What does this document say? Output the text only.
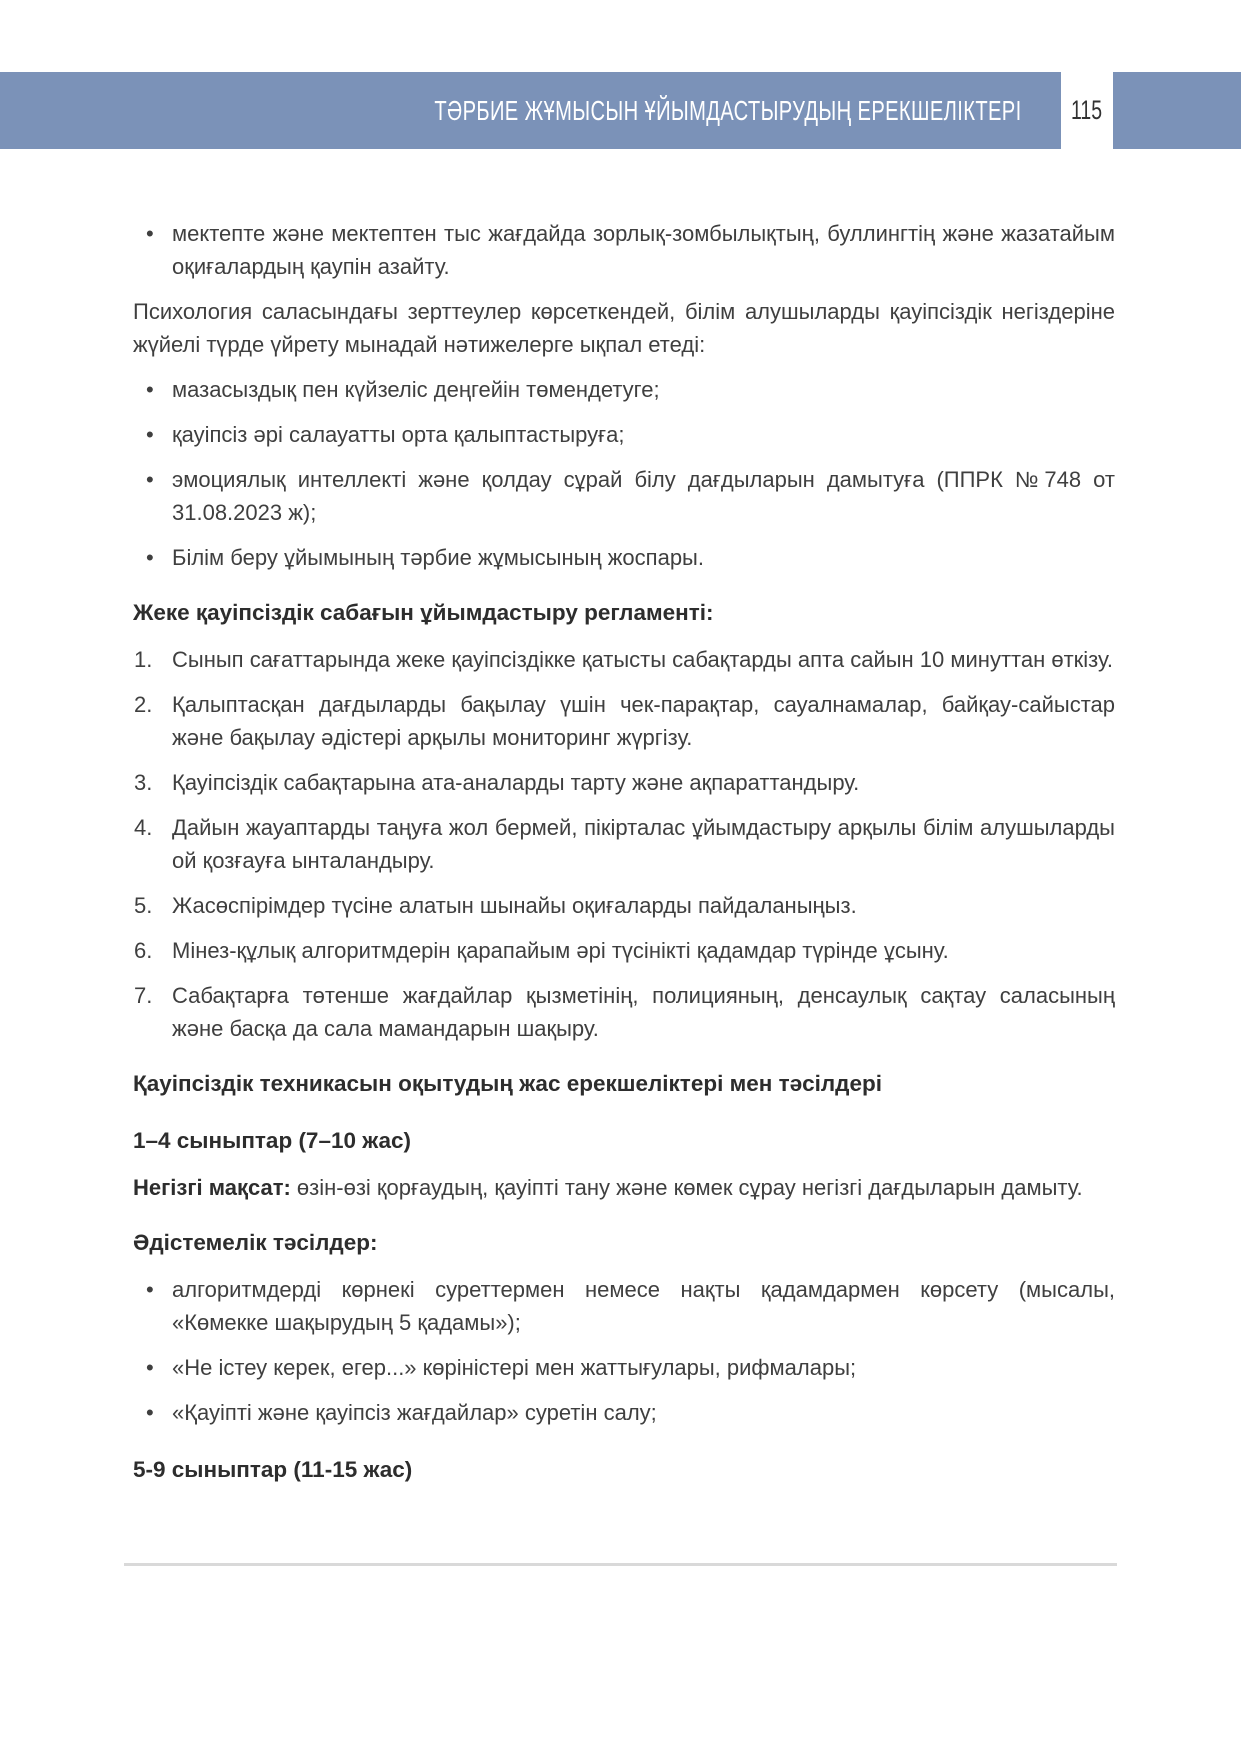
ТӘРБИЕ ЖҰМЫСЫН ҰЙЫМДАСТЫРУДЫҢ ЕРЕКШЕЛІКТЕРІ 115
• мектепте және мектептен тыс жағдайда зорлық-зомбылықтың, буллингтің және жазатайым оқиғалардың қаупін азайту.

Психология саласындағы зерттеулер көрсеткендей, білім алушыларды қауіпсіздік негіздеріне жүйелі түрде үйрету мынадай нәтижелерге ықпал етеді:

• мазасыздық пен күйзеліс деңгейін төмендетуге;
• қауіпсіз әрі салауатты орта қалыптастыруға;
• эмоциялық интеллекті және қолдау сұрай білу дағдыларын дамытуға (ППРК №748 от 31.08.2023 ж);
• Білім беру ұйымының тәрбие жұмысының жоспары.
Жеке қауіпсіздік сабағын ұйымдастыру регламенті:
1. Сынып сағаттарында жеке қауіпсіздікке қатысты сабақтарды апта сайын 10 минуттан өткізу.
2. Қалыптасқан дағдыларды бақылау үшін чек-парақтар, сауалнамалар, байқау-сайыстар және бақылау әдістері арқылы мониторинг жүргізу.
3. Қауіпсіздік сабақтарына ата-аналарды тарту және ақпараттандыру.
4. Дайын жауаптарды таңуға жол бермей, пікірталас ұйымдастыру арқылы білім алушыларды ой қозғауға ынталандыру.
5. Жасөспірімдер түсіне алатын шынайы оқиғаларды пайдаланыңыз.
6. Мінез-құлық алгоритмдерін қарапайым әрі түсінікті қадамдар түрінде ұсыну.
7. Сабақтарға төтенше жағдайлар қызметінің, полицияның, денсаулық сақтау саласының және басқа да сала мамандарын шақыру.
Қауіпсіздік техникасын оқытудың жас ерекшеліктері мен тәсілдері
1–4 сыныптар (7–10 жас)

Негізгі мақсат: өзін-өзі қорғаудың, қауіпті тану және көмек сұрау негізгі дағдыларын дамыту.

Әдістемелік тәсілдер:
• алгоритмдерді көрнекі суреттермен немесе нақты қадамдармен көрсету (мысалы, «Көмекке шақырудың 5 қадамы»);
• «Не істеу керек, егер...» көріністері мен жаттығулары, рифмалары;
• «Қауіпті және қауіпсіз жағдайлар» суретін салу;
5-9 сыныптар (11-15 жас)
